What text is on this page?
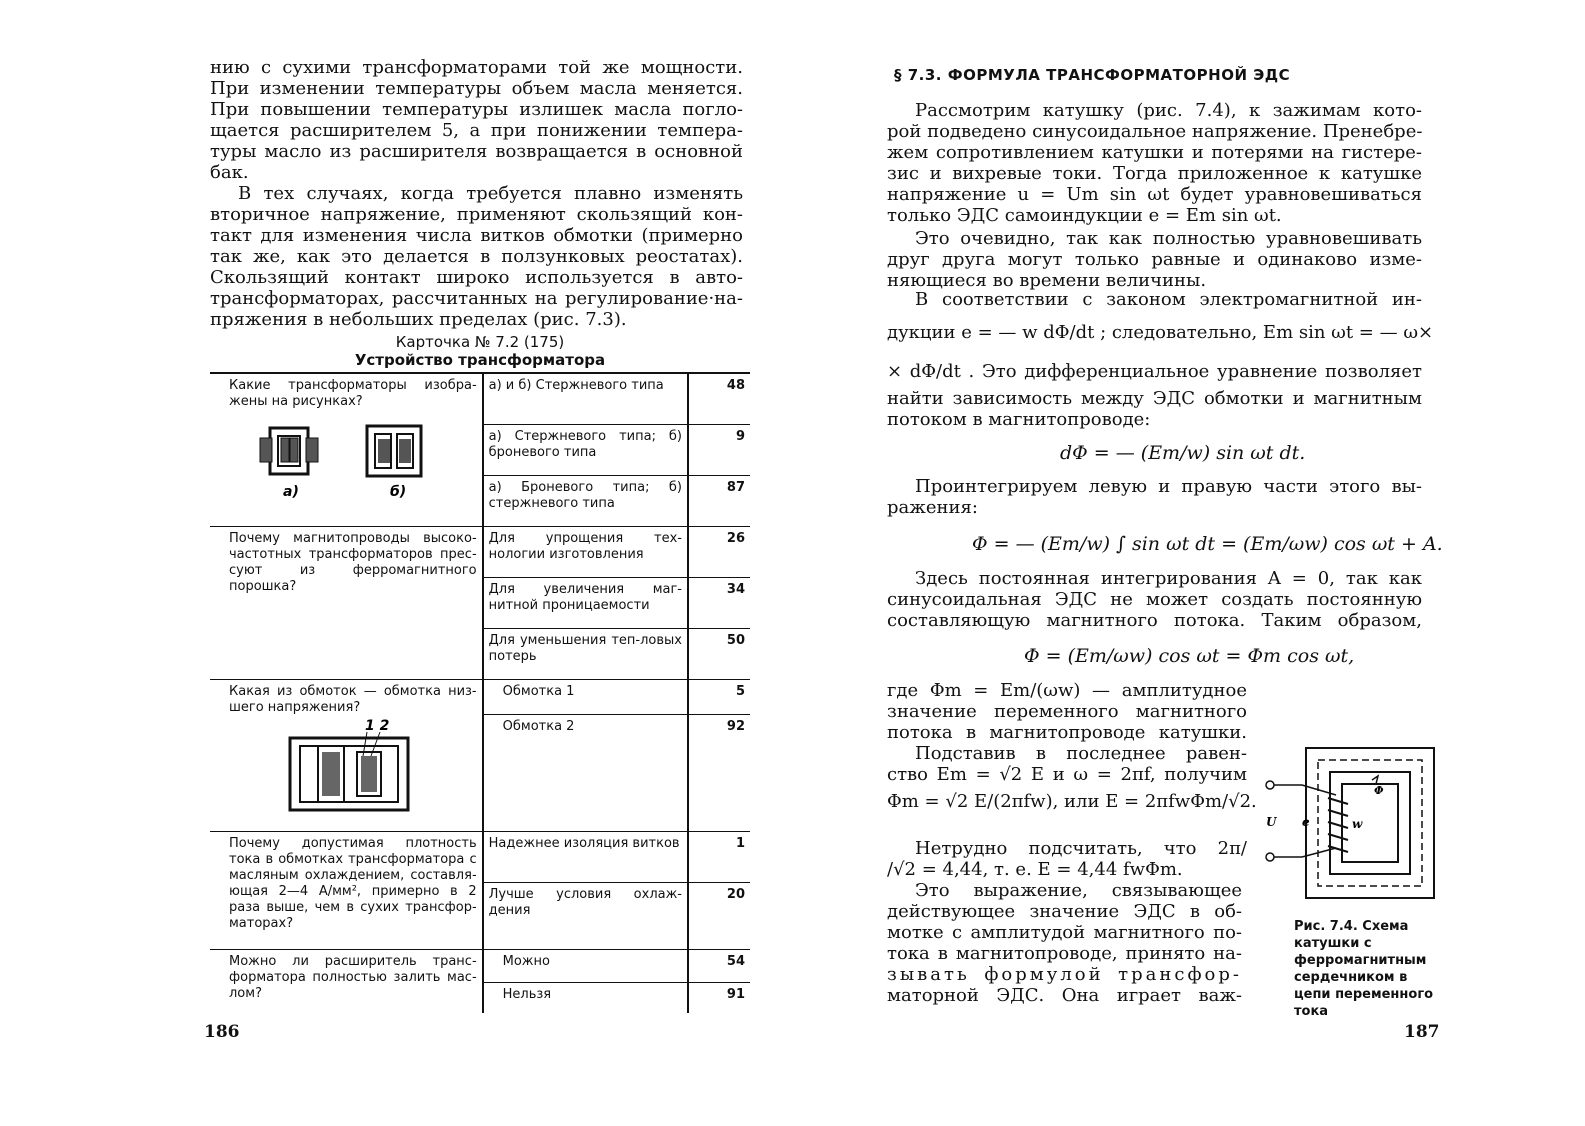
нию с сухими трансформаторами той же мощности.
При изменении температуры объем масла меняется.
При повышении температуры излишек масла погло-
щается расширителем 5, а при понижении темпера-
туры масло из расширителя возвращается в основной
бак.
В тех случаях, когда требуется плавно изменять
вторичное напряжение, применяют скользящий кон-
такт для изменения числа витков обмотки (примерно
так же, как это делается в ползунковых реостатах).
Скользящий контакт широко используется в авто-
трансформаторах, рассчитанных на регулирование·на-
пряжения в небольших пределах (рис. 7.3).
Карточка № 7.2 (175)
Устройство трансформатора
Какие трансформаторы изобра-жены на рисунках?
а) б)	а) и б) Стержневого типа	48
	а) Стержневого типа; б) броневого типа	9
	а) Броневого типа; б) стержневого типа	87

Почему магнитопроводы высоко-частотных трансформаторов прес-суют из ферромагнитного порошка?	Для упрощения тех-нологии изготовления	26
	Для увеличения маг-нитной проницаемости	34
	Для уменьшения теп-ловых потерь	50

Какая из обмоток — обмотка низ-шего напряжения?
1 2	Обмотка 1	5
	Обмотка 2	92

Почему допустимая плотность тока в обмотках трансформатора с масляным охлаждением, составля-ющая 2—4 А/мм², примерно в 2 раза выше, чем в сухих трансфор-маторах?	Надежнее изоляция витков	1
	Лучше условия охлаж-дения	20

Можно ли расширитель транс-форматора полностью залить мас-лом?	Можно	54
	Нельзя	91
186
§ 7.3. ФОРМУЛА ТРАНСФОРМАТОРНОЙ ЭДС
Рассмотрим катушку (рис. 7.4), к зажимам кото-
рой подведено синусоидальное напряжение. Пренебре-
жем сопротивлением катушки и потерями на гистере-
зис и вихревые токи. Тогда приложенное к катушке
напряжение u = Um sin ωt будет уравновешиваться
только ЭДС самоиндукции e = Em sin ωt.
Это очевидно, так как полностью уравновешивать
друг друга могут только равные и одинаково изме-
няющиеся во времени величины.
В соответствии с законом электромагнитной ин-
дукции e = — w dΦ/dt ; следовательно, Em sin ωt = — ω×
× dΦ/dt . Это дифференциальное уравнение позволяет
найти зависимость между ЭДС обмотки и магнитным
потоком в магнитопроводе:
dΦ = — (Em/w) sin ωt dt.
Проинтегрируем левую и правую части этого вы-
ражения:
Φ = — (Em/w) ∫ sin ωt dt = (Em/ωw) cos ωt + A.
Здесь постоянная интегрирования A = 0, так как
синусоидальная ЭДС не может создать постоянную
составляющую магнитного потока. Таким образом,
Φ = (Em/ωw) cos ωt = Φm cos ωt,
где Φm = Em/(ωw) — амплитудное
значение переменного магнитного
потока в магнитопроводе катушки.
Подставив в последнее равен-
ство Em = √2 E и ω = 2πf, получим
Φm = √2 E/(2πfw), или E = 2πfwΦm/√2.
Нетрудно подсчитать, что 2π/
/√2 = 4,44, т. е. E = 4,44 fwΦm.
Это выражение, связывающее
действующее значение ЭДС в об-
мотке с амплитудой магнитного по-
тока в магнитопроводе, принято на-
зывать формулой трансфор-
маторной ЭДС. Она играет важ-
U e	w
Φ
Рис. 7.4. Схема катушки с ферромагнитным сердечником в цепи переменного тока
187
